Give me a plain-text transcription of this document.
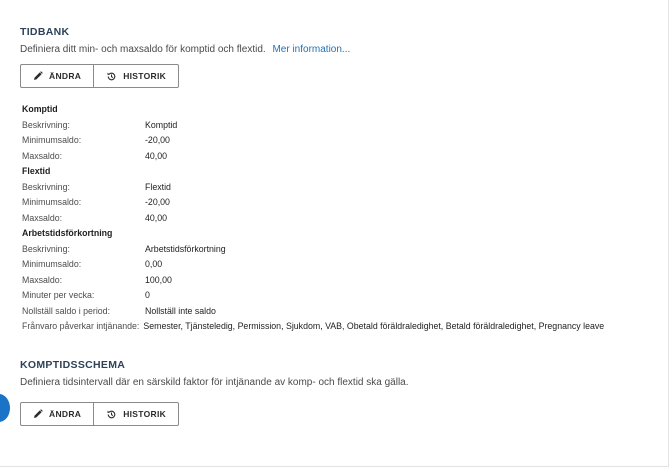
TIDBANK
Definiera ditt min- och maxsaldo för komptid och flextid. Mer information...
ÄNDRA	HISTORIK
Komptid
Beskrivning:	Komptid
Minimumsaldo:	-20,00
Maxsaldo:	40,00
Flextid
Beskrivning:	Flextid
Minimumsaldo:	-20,00
Maxsaldo:	40,00
Arbetstidsförkortning
Beskrivning:	Arbetstidsförkortning
Minimumsaldo:	0,00
Maxsaldo:	100,00
Minuter per vecka:	0
Nollställ saldo i period:	Nollställ inte saldo
Frånvaro påverkar intjänande: Semester, Tjänsteledig, Permission, Sjukdom, VAB, Obetald föräldraledighet, Betald föräldraledighet, Pregnancy leave
KOMPTIDSSCHEMA
Definiera tidsintervall där en särskild faktor för intjänande av komp- och flextid ska gälla.
ÄNDRA	HISTORIK
